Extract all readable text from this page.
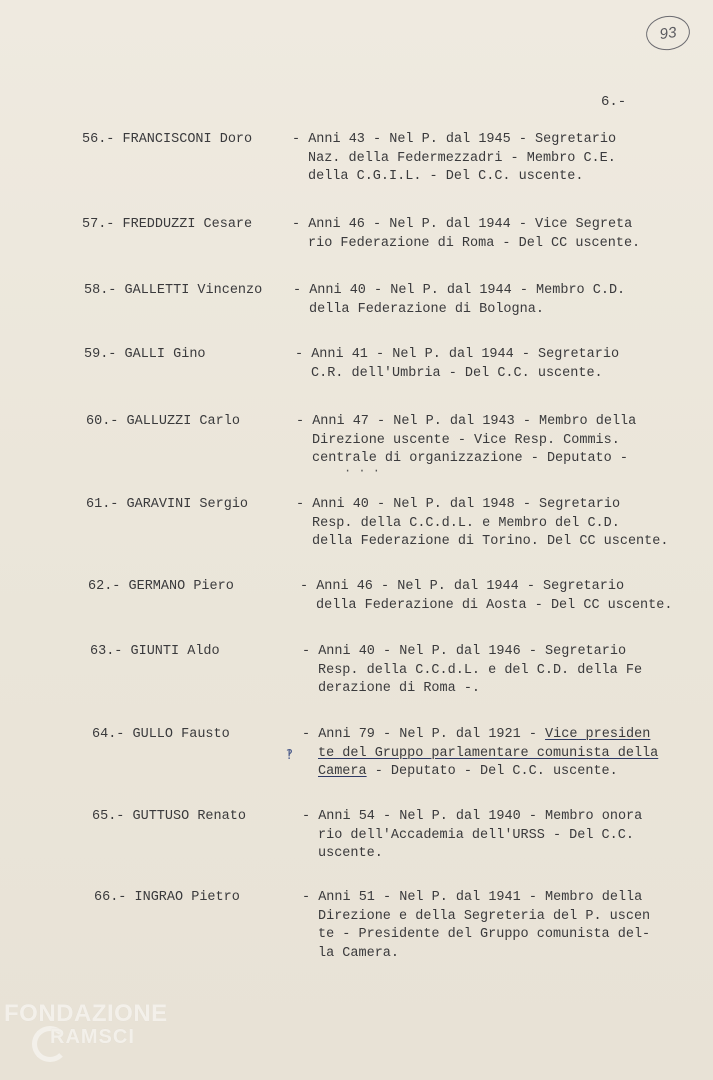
93
6.-
56.- FRANCISCONI Doro	- Anni 43 - Nel P. dal 1945 - Segretario
Naz. della Federmezzadri - Membro C.E.
della C.G.I.L. - Del C.C. uscente.
57.- FREDDUZZI Cesare	- Anni 46 - Nel P. dal 1944 - Vice Segreta
rio Federazione di Roma - Del CC uscente.
58.- GALLETTI Vincenzo - Anni 40 - Nel P. dal 1944 - Membro C.D.
della Federazione di Bologna.
59.- GALLI Gino	- Anni 41 - Nel P. dal 1944 - Segretario
C.R. dell'Umbria - Del C.C. uscente.
60.- GALLUZZI Carlo	- Anni 47 - Nel P. dal 1943 - Membro della
Direzione uscente - Vice Resp. Commis.
centrale di organizzazione - Deputato -
· · ·
61.- GARAVINI Sergio	- Anni 40 - Nel P. dal 1948 - Segretario
Resp. della C.C.d.L. e Membro del C.D.
della Federazione di Torino. Del CC uscente.
62.- GERMANO Piero	- Anni 46 - Nel P. dal 1944 - Segretario
della Federazione di Aosta - Del CC uscente.
63.- GIUNTI Aldo	- Anni 40 - Nel P. dal 1946 - Segretario
Resp. della C.C.d.L. e del C.D. della Fe
derazione di Roma -.
64.- GULLO Fausto	- Anni 79 - Nel P. dal 1921 - Vice presiden
te del Gruppo parlamentare comunista della
Camera - Deputato - Del C.C. uscente.
‽
65.- GUTTUSO Renato	- Anni 54 - Nel P. dal 1940 - Membro onora
rio dell'Accademia dell'URSS - Del C.C.
uscente.
66.- INGRAO Pietro	- Anni 51 - Nel P. dal 1941 - Membro della
Direzione e della Segreteria del P. uscen
te - Presidente del Gruppo comunista del-
la Camera.
FONDAZIONE
RAMSCI
